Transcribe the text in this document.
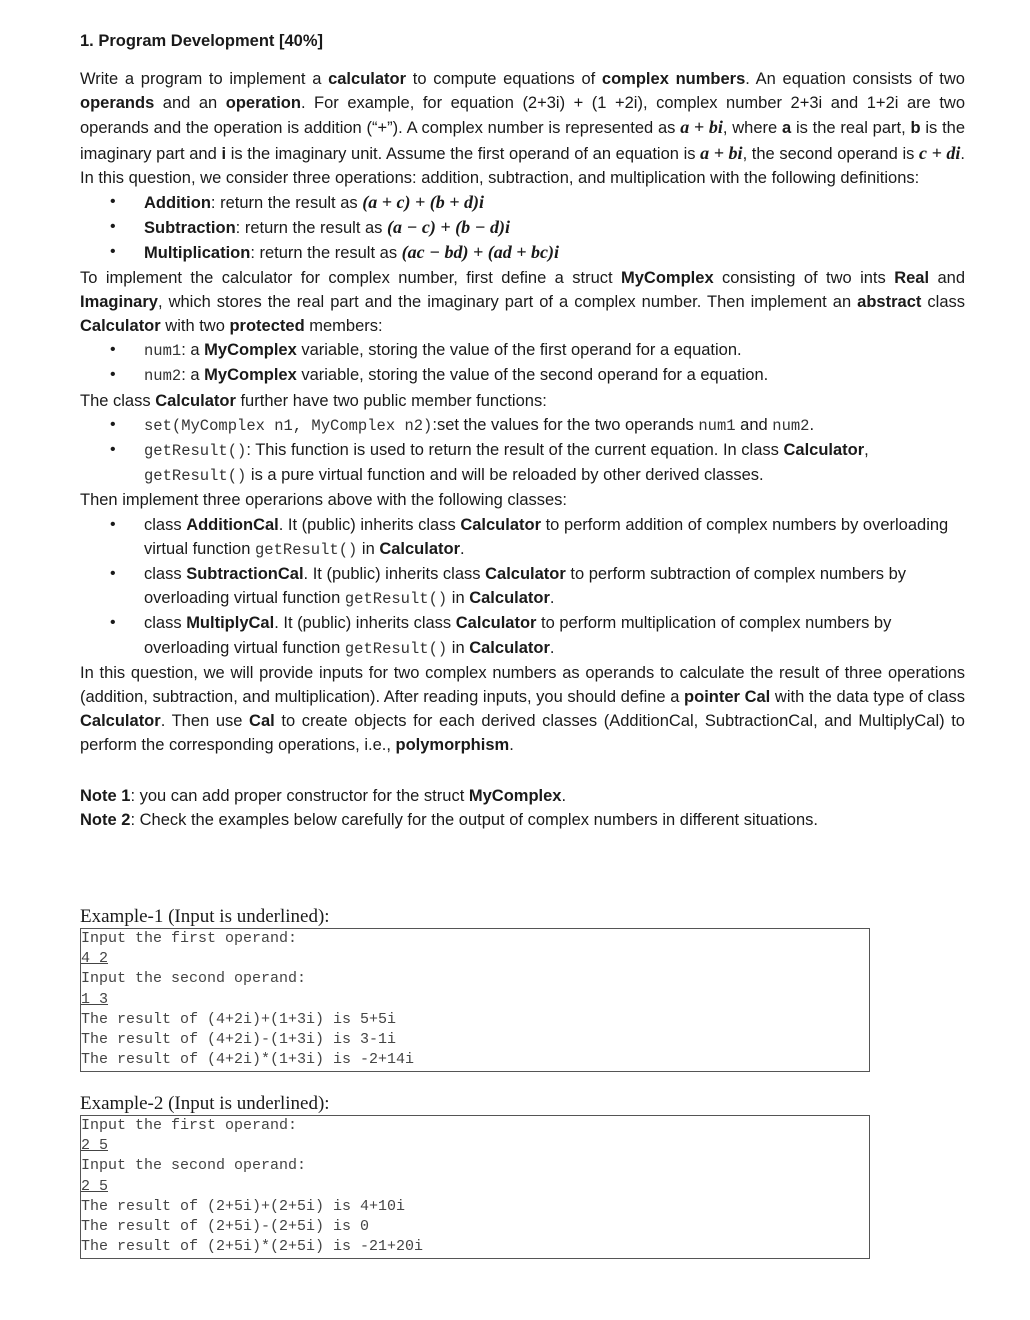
1. Program Development [40%]

Write a program to implement a calculator to compute equations of complex numbers. An equation consists of two operands and an operation. For example, for equation (2+3i) + (1 +2i), complex number 2+3i and 1+2i are two operands and the operation is addition (“+”). A complex number is represented as a + bi, where a is the real part, b is the imaginary part and i is the imaginary unit. Assume the first operand of an equation is a + bi, the second operand is c + di. In this question, we consider three operations: addition, subtraction, and multiplication with the following definitions:

• Addition: return the result as (a + c) + (b + d)i
• Subtraction: return the result as (a − c) + (b − d)i
• Multiplication: return the result as (ac − bd) + (ad + bc)i

To implement the calculator for complex number, first define a struct MyComplex consisting of two ints Real and Imaginary, which stores the real part and the imaginary part of a complex number. Then implement an abstract class Calculator with two protected members:

• num1: a MyComplex variable, storing the value of the first operand for a equation.
• num2: a MyComplex variable, storing the value of the second operand for a equation.

The class Calculator further have two public member functions:

• set(MyComplex n1, MyComplex n2):set the values for the two operands num1 and num2.
• getResult(): This function is used to return the result of the current equation. In class Calculator, getResult() is a pure virtual function and will be reloaded by other derived classes.

Then implement three operarions above with the following classes:

• class AdditionCal. It (public) inherits class Calculator to perform addition of complex numbers by overloading virtual function getResult() in Calculator.
• class SubtractionCal. It (public) inherits class Calculator to perform subtraction of complex numbers by overloading virtual function getResult() in Calculator.
• class MultiplyCal. It (public) inherits class Calculator to perform multiplication of complex numbers by overloading virtual function getResult() in Calculator.

In this question, we will provide inputs for two complex numbers as operands to calculate the result of three operations (addition, subtraction, and multiplication). After reading inputs, you should define a pointer Cal with the data type of class Calculator. Then use Cal to create objects for each derived classes (AdditionCal, SubtractionCal, and MultiplyCal) to perform the corresponding operations, i.e., polymorphism.

Note 1: you can add proper constructor for the struct MyComplex.

Note 2: Check the examples below carefully for the output of complex numbers in different situations.

Example-1 (Input is underlined):
Input the first operand:
4 2
Input the second operand:
1 3
The result of (4+2i)+(1+3i) is 5+5i
The result of (4+2i)-(1+3i) is 3-1i
The result of (4+2i)*(1+3i) is -2+14i
Example-2 (Input is underlined):
Input the first operand:
2 5
Input the second operand:
2 5
The result of (2+5i)+(2+5i) is 4+10i
The result of (2+5i)-(2+5i) is 0
The result of (2+5i)*(2+5i) is -21+20i
